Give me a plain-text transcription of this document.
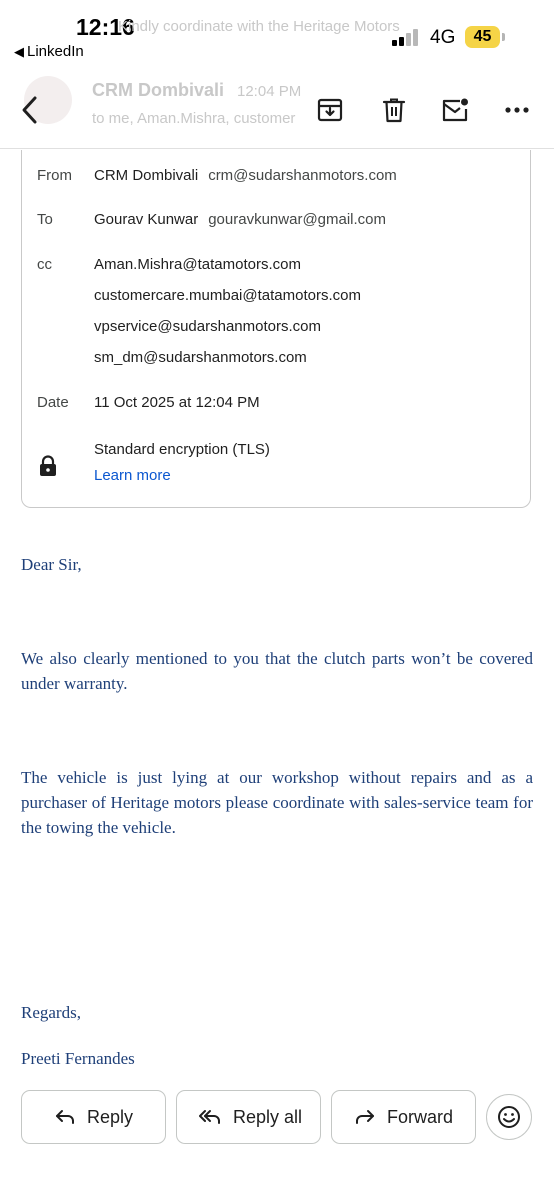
12:16
◀ LinkedIn
4G	45
Kindly coordinate with the Heritage Motors
CRM Dombivali 12:04 PM
to me, Aman.Mishra, customer
From CRM Dombivali crm@sudarshanmotors.com
To	Gourav Kunwar gouravkunwar@gmail.com
cc	Aman.Mishra@tatamotors.com
customercare.mumbai@tatamotors.com
vpservice@sudarshanmotors.com
sm_dm@sudarshanmotors.com
Date 11 Oct 2025 at 12:04 PM
Standard encryption (TLS)
Learn more
Dear Sir,
We also clearly mentioned to you that the clutch parts won’t be covered under warranty.
The vehicle is just lying at our workshop without repairs and as a purchaser of Heritage motors please coordinate with sales-service team for the towing the vehicle.
Regards,
Preeti Fernandes
Reply	Reply all	Forward
